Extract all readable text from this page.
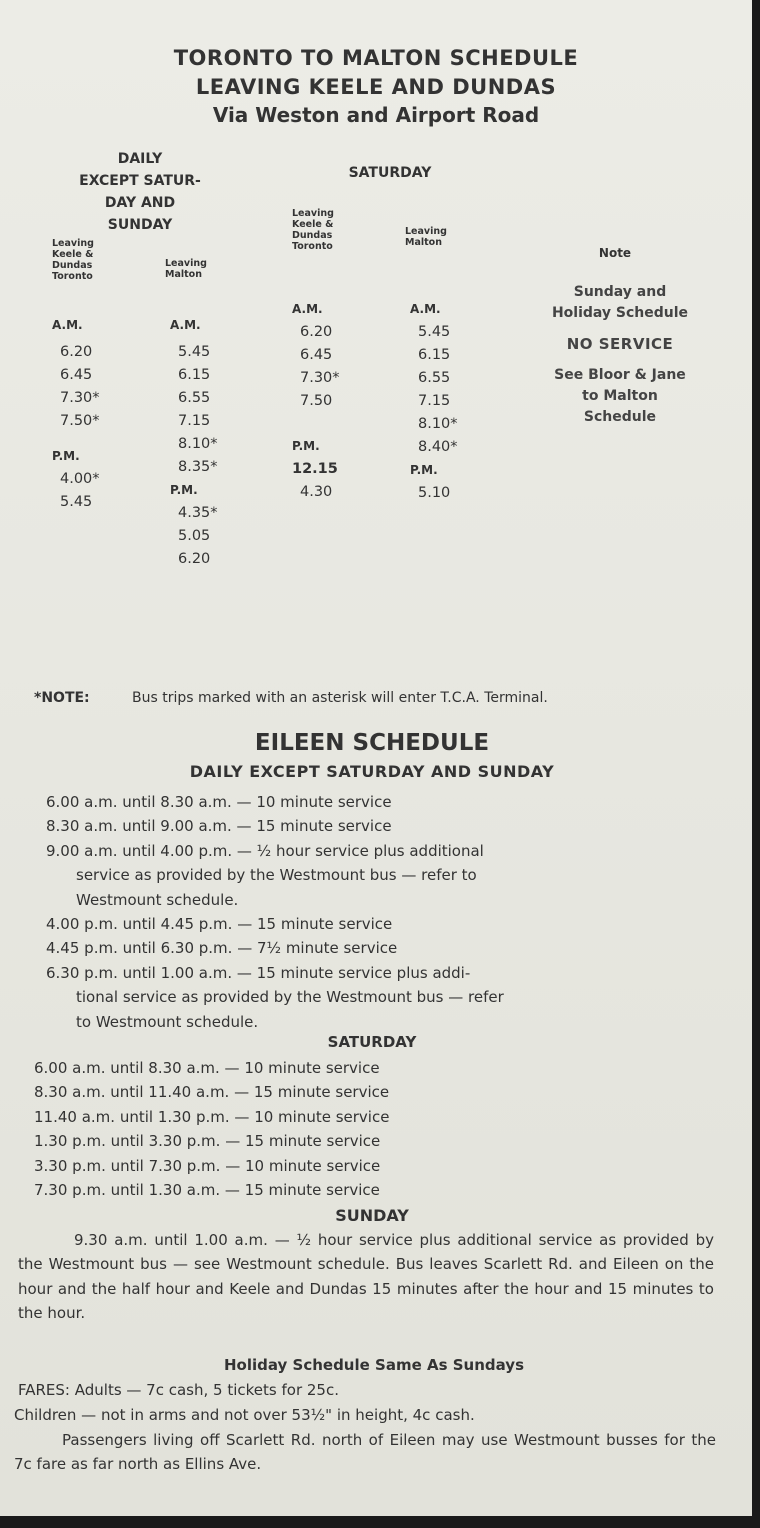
TORONTO TO MALTON SCHEDULE
LEAVING KEELE AND DUNDAS
Via Weston and Airport Road
DAILY
EXCEPT SATUR-
DAY AND
SUNDAY
Leaving
Keele &
Dundas
Toronto
Leaving
Malton
A.M.
6.20
6.45
7.30*
7.50*
P.M.
4.00*
5.45
A.M.
5.45
6.15
6.55
7.15
8.10*
8.35*
P.M.
4.35*
5.05
6.20
SATURDAY
Leaving
Keele &
Dundas
Toronto
Leaving
Malton
A.M.
6.20
6.45
7.30*
7.50
P.M.
12.15
4.30
A.M.
5.45
6.15
6.55
7.15
8.10*
8.40*
P.M.
5.10
Note
Sunday and
Holiday Schedule
NO SERVICE
See Bloor & Jane
to Malton
Schedule
*NOTE:	Bus trips marked with an asterisk will enter T.C.A. Terminal.
EILEEN SCHEDULE
DAILY EXCEPT SATURDAY AND SUNDAY
6.00 a.m. until 8.30 a.m. — 10 minute service
8.30 a.m. until 9.00 a.m. — 15 minute service
9.00 a.m. until 4.00 p.m. — ½ hour service plus additional
service as provided by the Westmount bus — refer to
Westmount schedule.
4.00 p.m. until 4.45 p.m. — 15 minute service
4.45 p.m. until 6.30 p.m. — 7½ minute service
6.30 p.m. until 1.00 a.m. — 15 minute service plus addi-
tional service as provided by the Westmount bus — refer
to Westmount schedule.
SATURDAY
6.00 a.m. until 8.30 a.m. — 10 minute service
8.30 a.m. until 11.40 a.m. — 15 minute service
11.40 a.m. until 1.30 p.m. — 10 minute service
1.30 p.m. until 3.30 p.m. — 15 minute service
3.30 p.m. until 7.30 p.m. — 10 minute service
7.30 p.m. until 1.30 a.m. — 15 minute service
SUNDAY
9.30 a.m. until 1.00 a.m. — ½ hour service plus additional service as provided by the Westmount bus — see Westmount schedule. Bus leaves Scarlett Rd. and Eileen on the hour and the half hour and Keele and Dundas 15 minutes after the hour and 15 minutes to the hour.
Holiday Schedule Same As Sundays
FARES: Adults — 7c cash, 5 tickets for 25c.
Children — not in arms and not over 53½" in height, 4c cash.
Passengers living off Scarlett Rd. north of Eileen may use Westmount busses for the 7c fare as far north as Ellins Ave.
